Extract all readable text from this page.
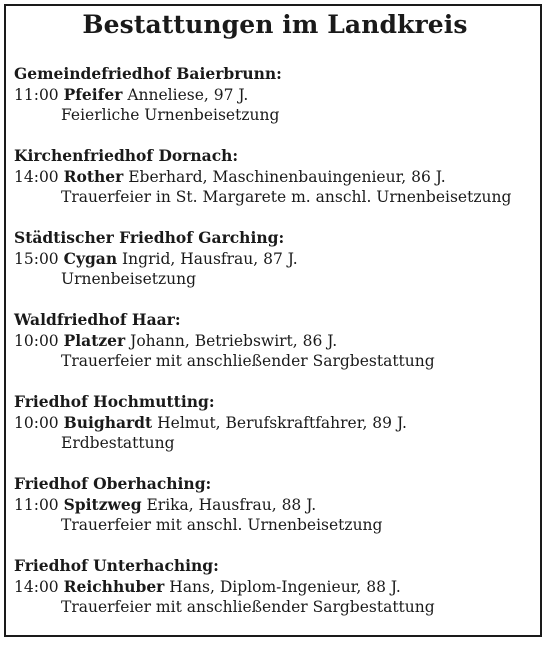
Bestattungen im Landkreis
Gemeindefriedhof Baierbrunn:
11:00 Pfeifer Anneliese, 97 J.
Feierliche Urnenbeisetzung
Kirchenfriedhof Dornach:
14:00 Rother Eberhard, Maschinenbauingenieur, 86 J.
Trauerfeier in St. Margarete m. anschl. Urnenbeisetzung
Städtischer Friedhof Garching:
15:00 Cygan Ingrid, Hausfrau, 87 J.
Urnenbeisetzung
Waldfriedhof Haar:
10:00 Platzer Johann, Betriebswirt, 86 J.
Trauerfeier mit anschließender Sargbestattung
Friedhof Hochmutting:
10:00 Buighardt Helmut, Berufskraftfahrer, 89 J.
Erdbestattung
Friedhof Oberhaching:
11:00 Spitzweg Erika, Hausfrau, 88 J.
Trauerfeier mit anschl. Urnenbeisetzung
Friedhof Unterhaching:
14:00 Reichhuber Hans, Diplom-Ingenieur, 88 J.
Trauerfeier mit anschließender Sargbestattung
